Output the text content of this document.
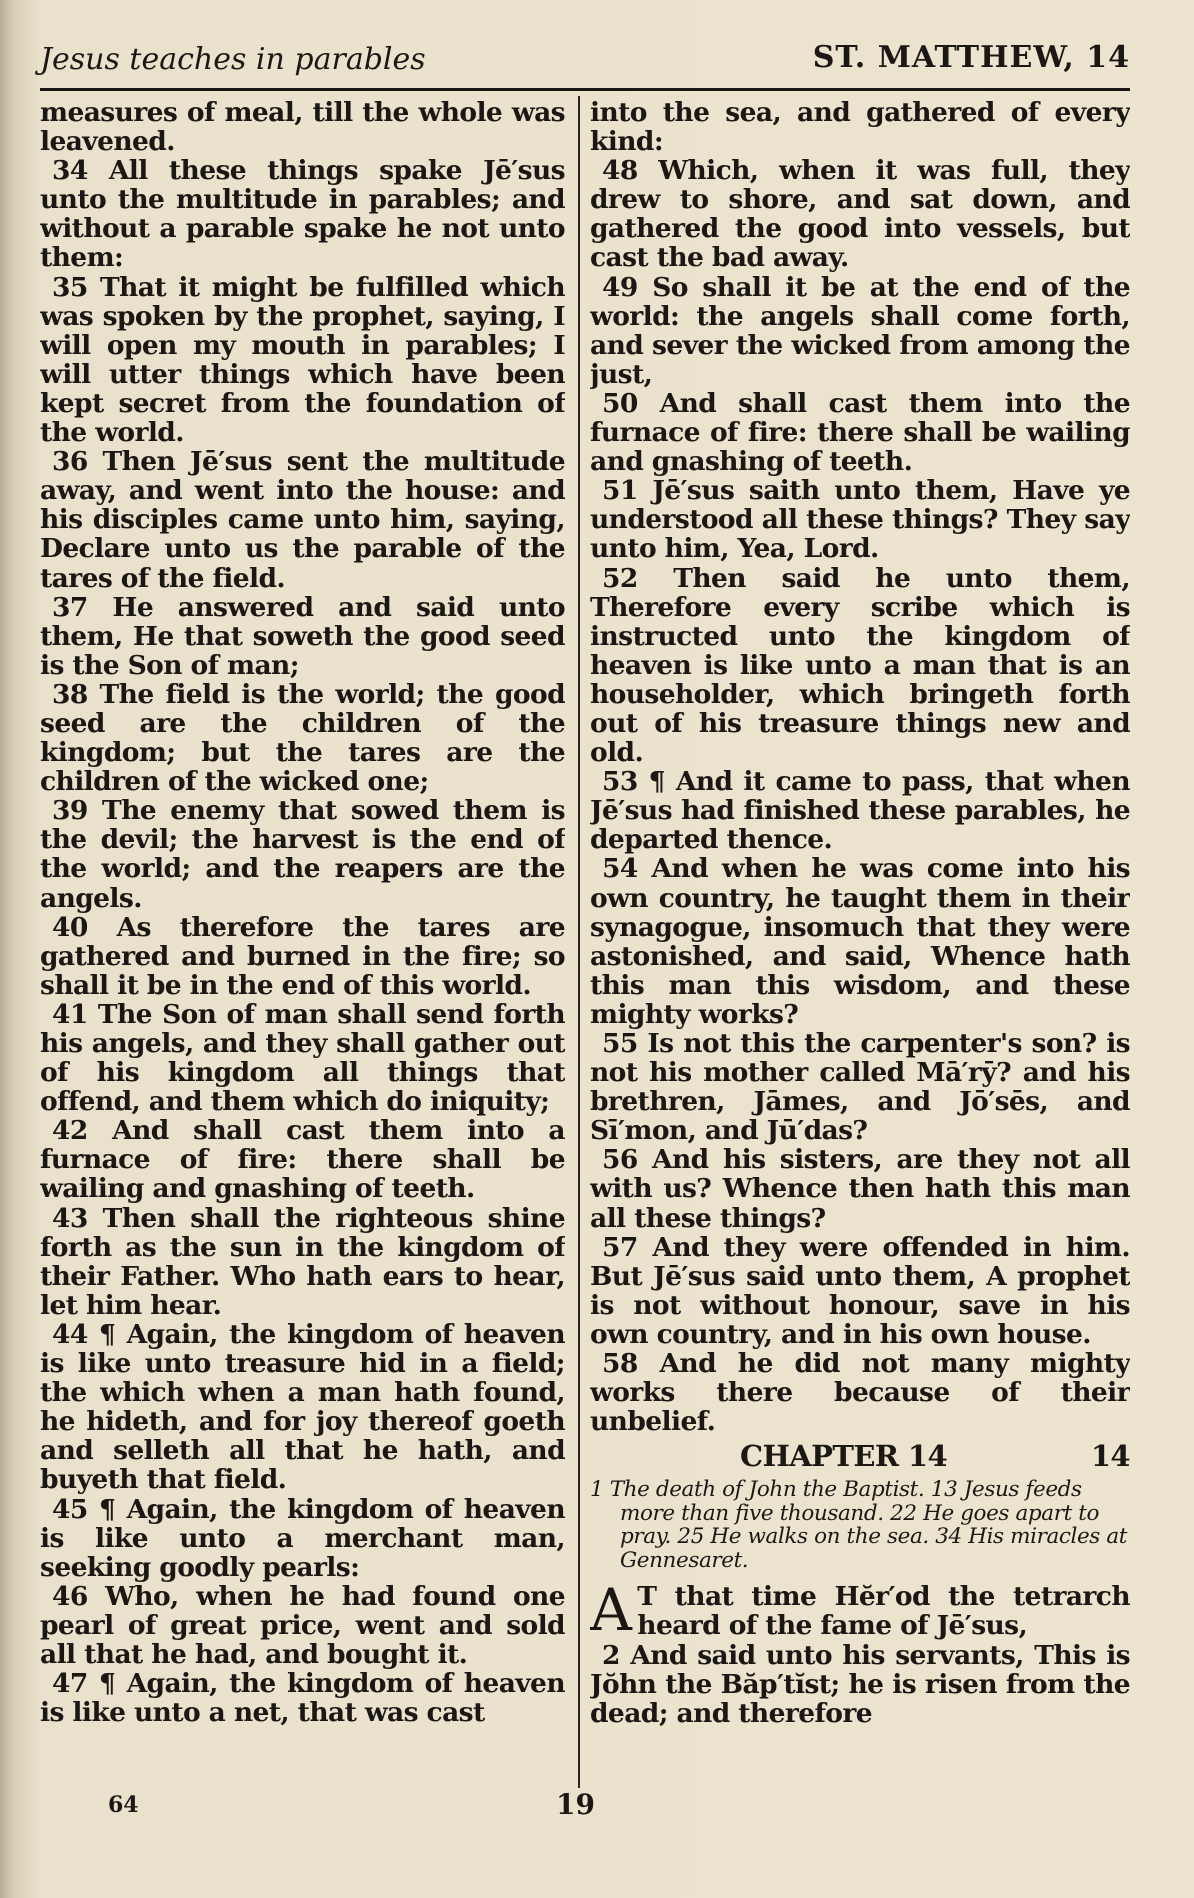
Jesus teaches in parables	ST. MATTHEW, 14

measures of meal, till the whole was leavened.

34 All these things spake Jē′sus unto the multitude in parables; and without a parable spake he not unto them:

35 That it might be fulfilled which was spoken by the prophet, saying, I will open my mouth in parables; I will utter things which have been kept secret from the foundation of the world.

36 Then Jē′sus sent the multitude away, and went into the house: and his disciples came unto him, saying, Declare unto us the parable of the tares of the field.

37 He answered and said unto them, He that soweth the good seed is the Son of man;

38 The field is the world; the good seed are the children of the kingdom; but the tares are the children of the wicked one;

39 The enemy that sowed them is the devil; the harvest is the end of the world; and the reapers are the angels.

40 As therefore the tares are gathered and burned in the fire; so shall it be in the end of this world.

41 The Son of man shall send forth his angels, and they shall gather out of his kingdom all things that offend, and them which do iniquity;

42 And shall cast them into a furnace of fire: there shall be wailing and gnashing of teeth.

43 Then shall the righteous shine forth as the sun in the kingdom of their Father. Who hath ears to hear, let him hear.

44 ¶ Again, the kingdom of heaven is like unto treasure hid in a field; the which when a man hath found, he hideth, and for joy thereof goeth and selleth all that he hath, and buyeth that field.

45 ¶ Again, the kingdom of heaven is like unto a merchant man, seeking goodly pearls:

46 Who, when he had found one pearl of great price, went and sold all that he had, and bought it.

47 ¶ Again, the kingdom of heaven is like unto a net, that was cast

into the sea, and gathered of every kind:

48 Which, when it was full, they drew to shore, and sat down, and gathered the good into vessels, but cast the bad away.

49 So shall it be at the end of the world: the angels shall come forth, and sever the wicked from among the just,

50 And shall cast them into the furnace of fire: there shall be wailing and gnashing of teeth.

51 Jē′sus saith unto them, Have ye understood all these things? They say unto him, Yea, Lord.

52 Then said he unto them, Therefore every scribe which is instructed unto the kingdom of heaven is like unto a man that is an householder, which bringeth forth out of his treasure things new and old.

53 ¶ And it came to pass, that when Jē′sus had finished these parables, he departed thence.

54 And when he was come into his own country, he taught them in their synagogue, insomuch that they were astonished, and said, Whence hath this man this wisdom, and these mighty works?

55 Is not this the carpenter's son? is not his mother called Mā′rȳ? and his brethren, Jāmes, and Jō′sēs, and Sī′mon, and Jū′das?

56 And his sisters, are they not all with us? Whence then hath this man all these things?

57 And they were offended in him. But Jē′sus said unto them, A prophet is not without honour, save in his own country, and in his own house.

58 And he did not many mighty works there because of their unbelief.

CHAPTER 14	14

1 The death of John the Baptist. 13 Jesus feeds more than five thousand. 22 He goes apart to pray. 25 He walks on the sea. 34 His miracles at Gennesaret.

A T that time Hĕr′od the tetrarch heard of the fame of Jē′sus,

2 And said unto his servants, This is Jŏhn the Băp′tĭst; he is risen from the dead; and therefore

64	19
